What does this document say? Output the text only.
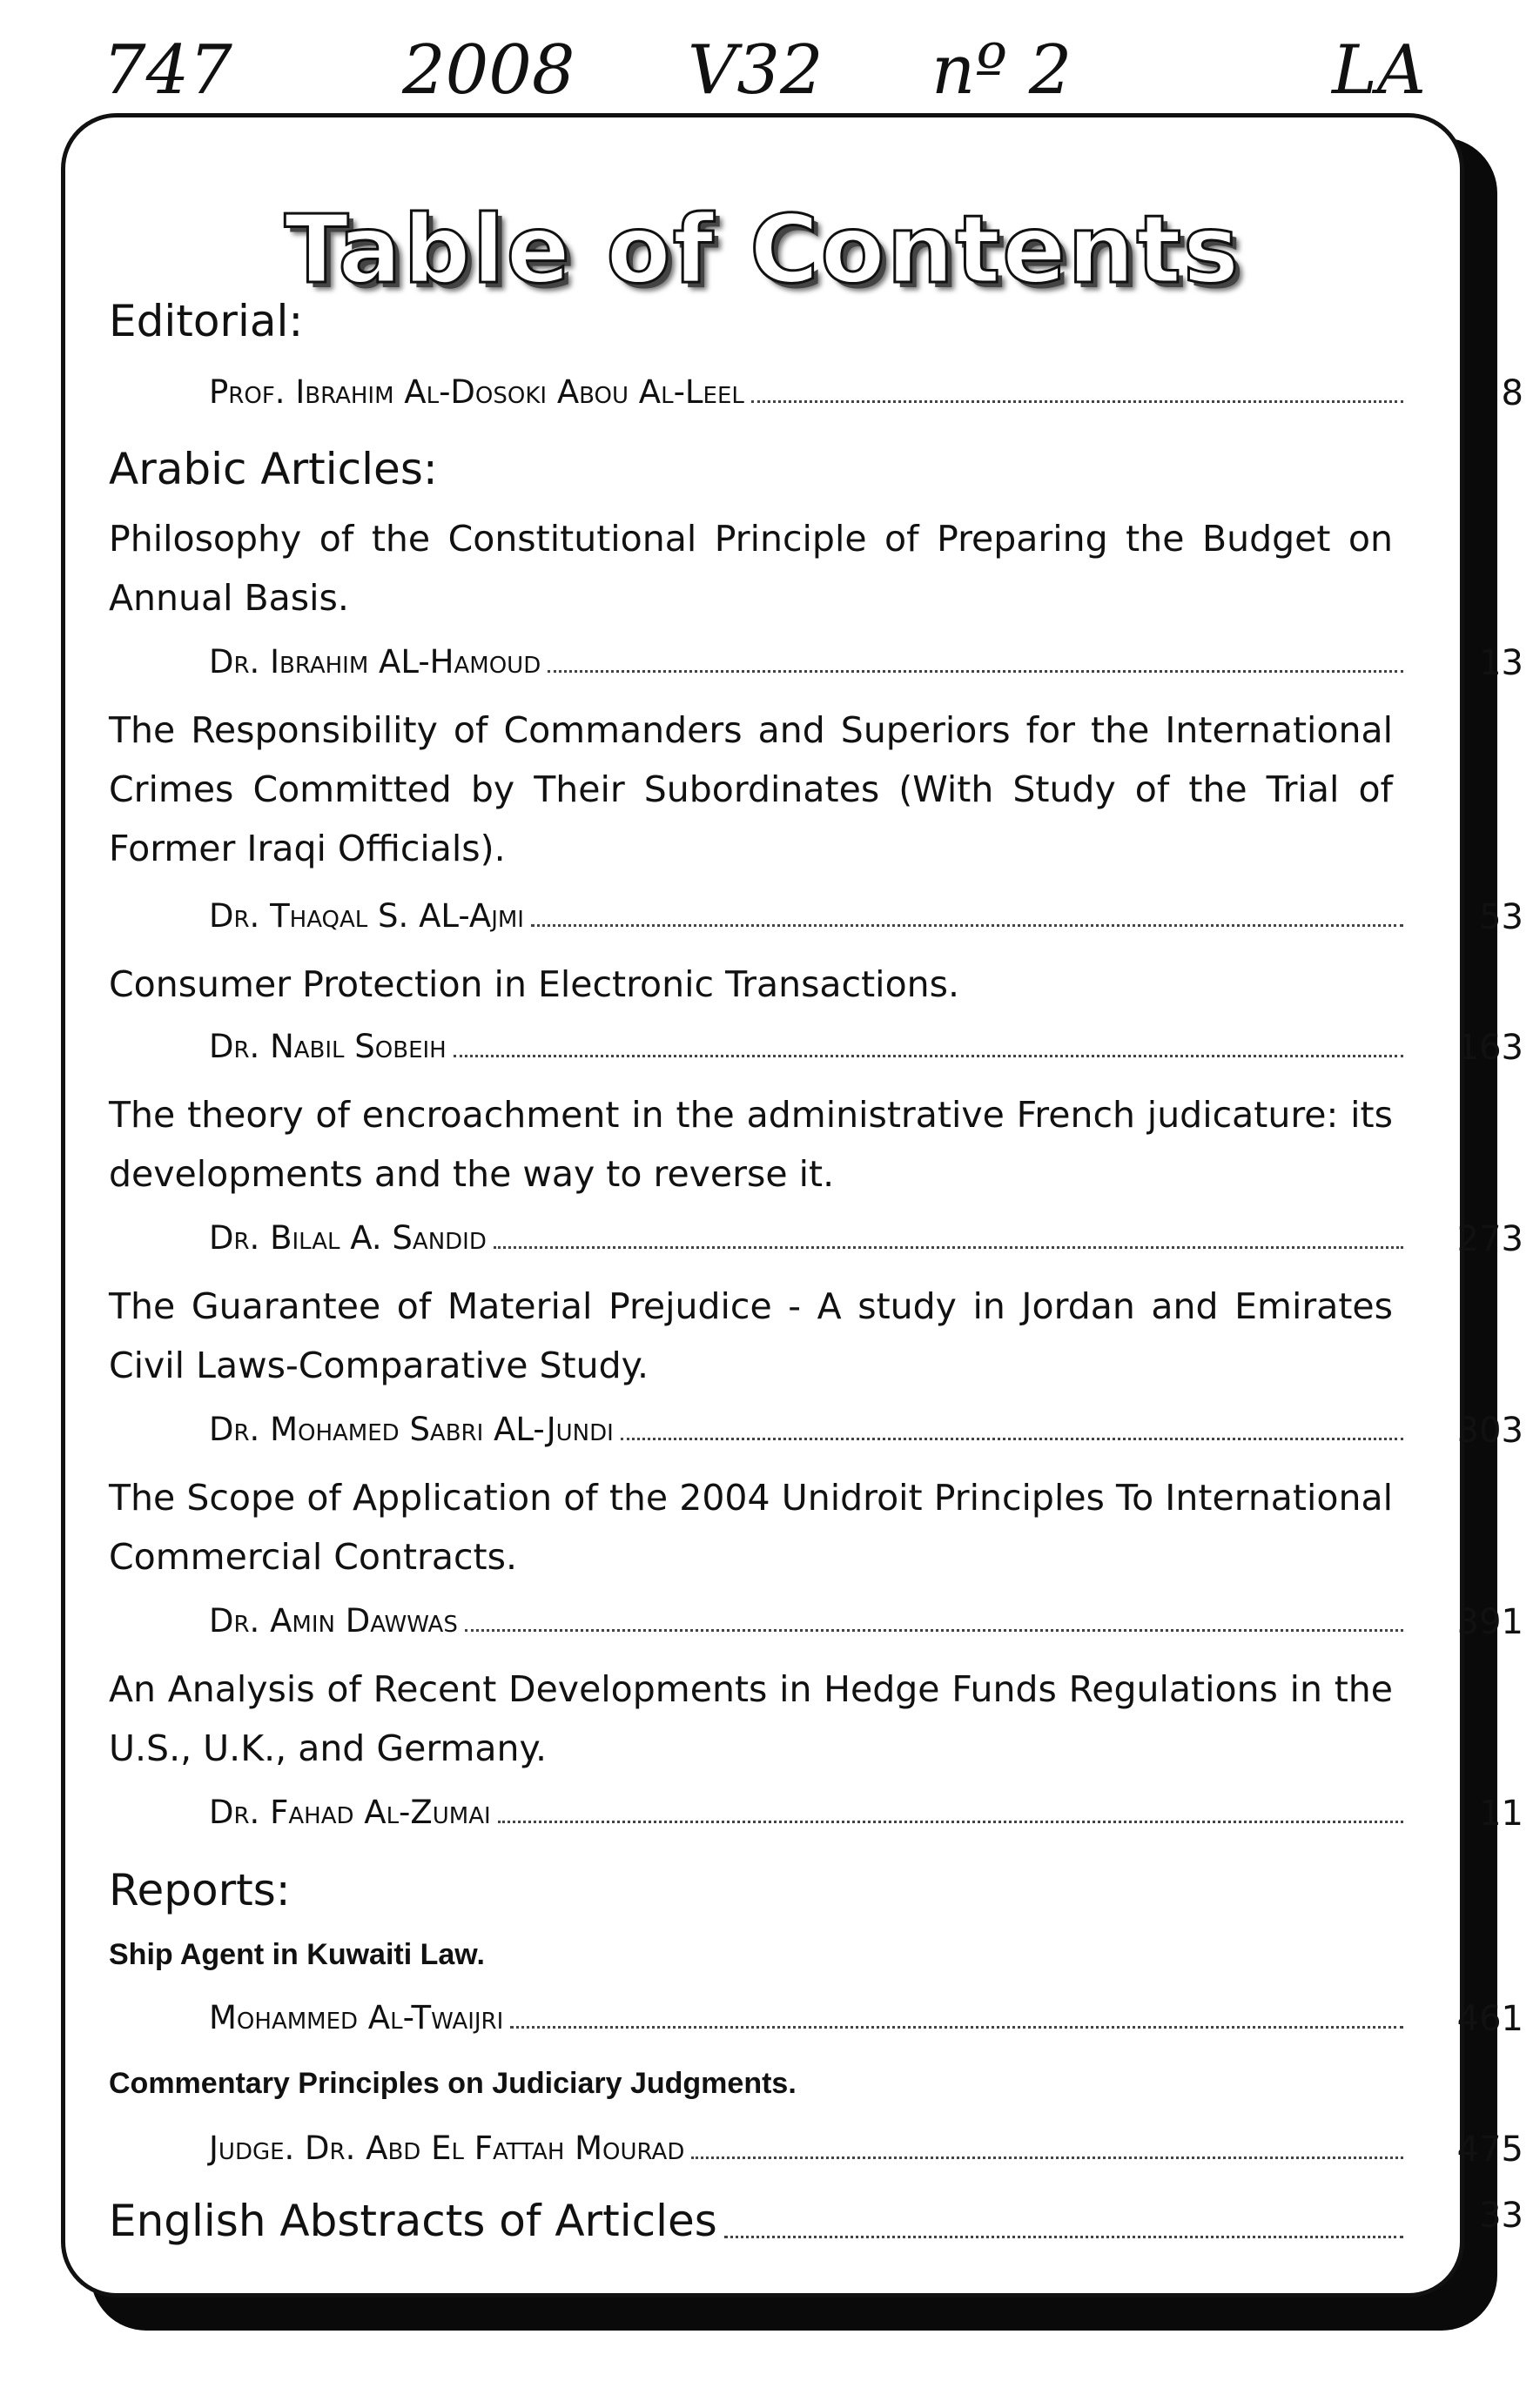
747	2008 V32 nº 2	LA
Table of Contents
Editorial:
Prof. Ibrahim Al-Dosoki Abou Al-Leel	8
Arabic Articles:
Philosophy of the Constitutional Principle of Preparing the Budget on Annual Basis.
Dr. Ibrahim AL-Hamoud	13
The Responsibility of Commanders and Superiors for the International Crimes Committed by Their Subordinates (With Study of the Trial of Former Iraqi Officials).
Dr. Thaqal S. AL-Ajmi	53
Consumer Protection in Electronic Transactions.
Dr. Nabil Sobeih	163
The theory of encroachment in the administrative French judicature: its developments and the way to reverse it.
Dr. Bilal A. Sandid	273
The Guarantee of Material Prejudice - A study in Jordan and Emirates Civil Laws-Comparative Study.
Dr. Mohamed Sabri AL-Jundi	303
The Scope of Application of the 2004 Unidroit Principles To International Commercial Contracts.
Dr. Amin Dawwas	391
An Analysis of Recent Developments in Hedge Funds Regulations in the U.S., U.K., and Germany.
Dr. Fahad Al-Zumai	11
Reports:
Ship Agent in Kuwaiti Law.
Mohammed Al-Twaijri	461
Commentary Principles on Judiciary Judgments.
Judge. Dr. Abd El Fattah Mourad	475
English Abstracts of Articles	33
